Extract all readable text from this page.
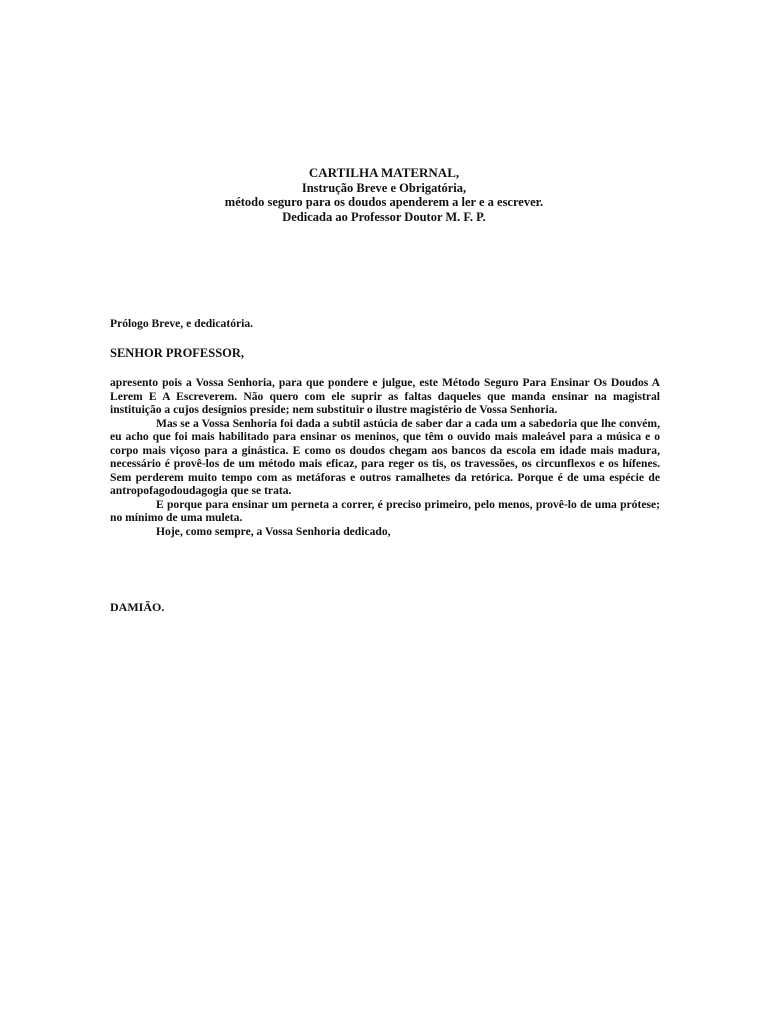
CARTILHA MATERNAL,
Instrução Breve e Obrigatória,
método seguro para os doudos apenderem a ler e a escrever.
Dedicada ao Professor Doutor M. F. P.
Prólogo Breve, e dedicatória.
SENHOR PROFESSOR,

apresento pois a Vossa Senhoria, para que pondere e julgue, este Método Seguro Para Ensinar Os Doudos A Lerem E A Escreverem. Não quero com ele suprir as faltas daqueles que manda ensinar na magistral instituição a cujos desígnios preside; nem substituir o ilustre magistério de Vossa Senhoria.

Mas se a Vossa Senhoria foi dada a subtil astúcia de saber dar a cada um a sabedoria que lhe convém, eu acho que foi mais habilitado para ensinar os meninos, que têm o ouvido mais maleável para a música e o corpo mais viçoso para a ginástica. E como os doudos chegam aos bancos da escola em idade mais madura, necessário é provê-los de um método mais eficaz, para reger os tis, os travessões, os circunflexos e os hífenes. Sem perderem muito tempo com as metáforas e outros ramalhetes da retórica. Porque é de uma espécie de antropofagodoudagogia que se trata.

E porque para ensinar um perneta a correr, é preciso primeiro, pelo menos, provê-lo de uma prótese; no mínimo de uma muleta.

Hoje, como sempre, a Vossa Senhoria dedicado,

DAMIÃO.
